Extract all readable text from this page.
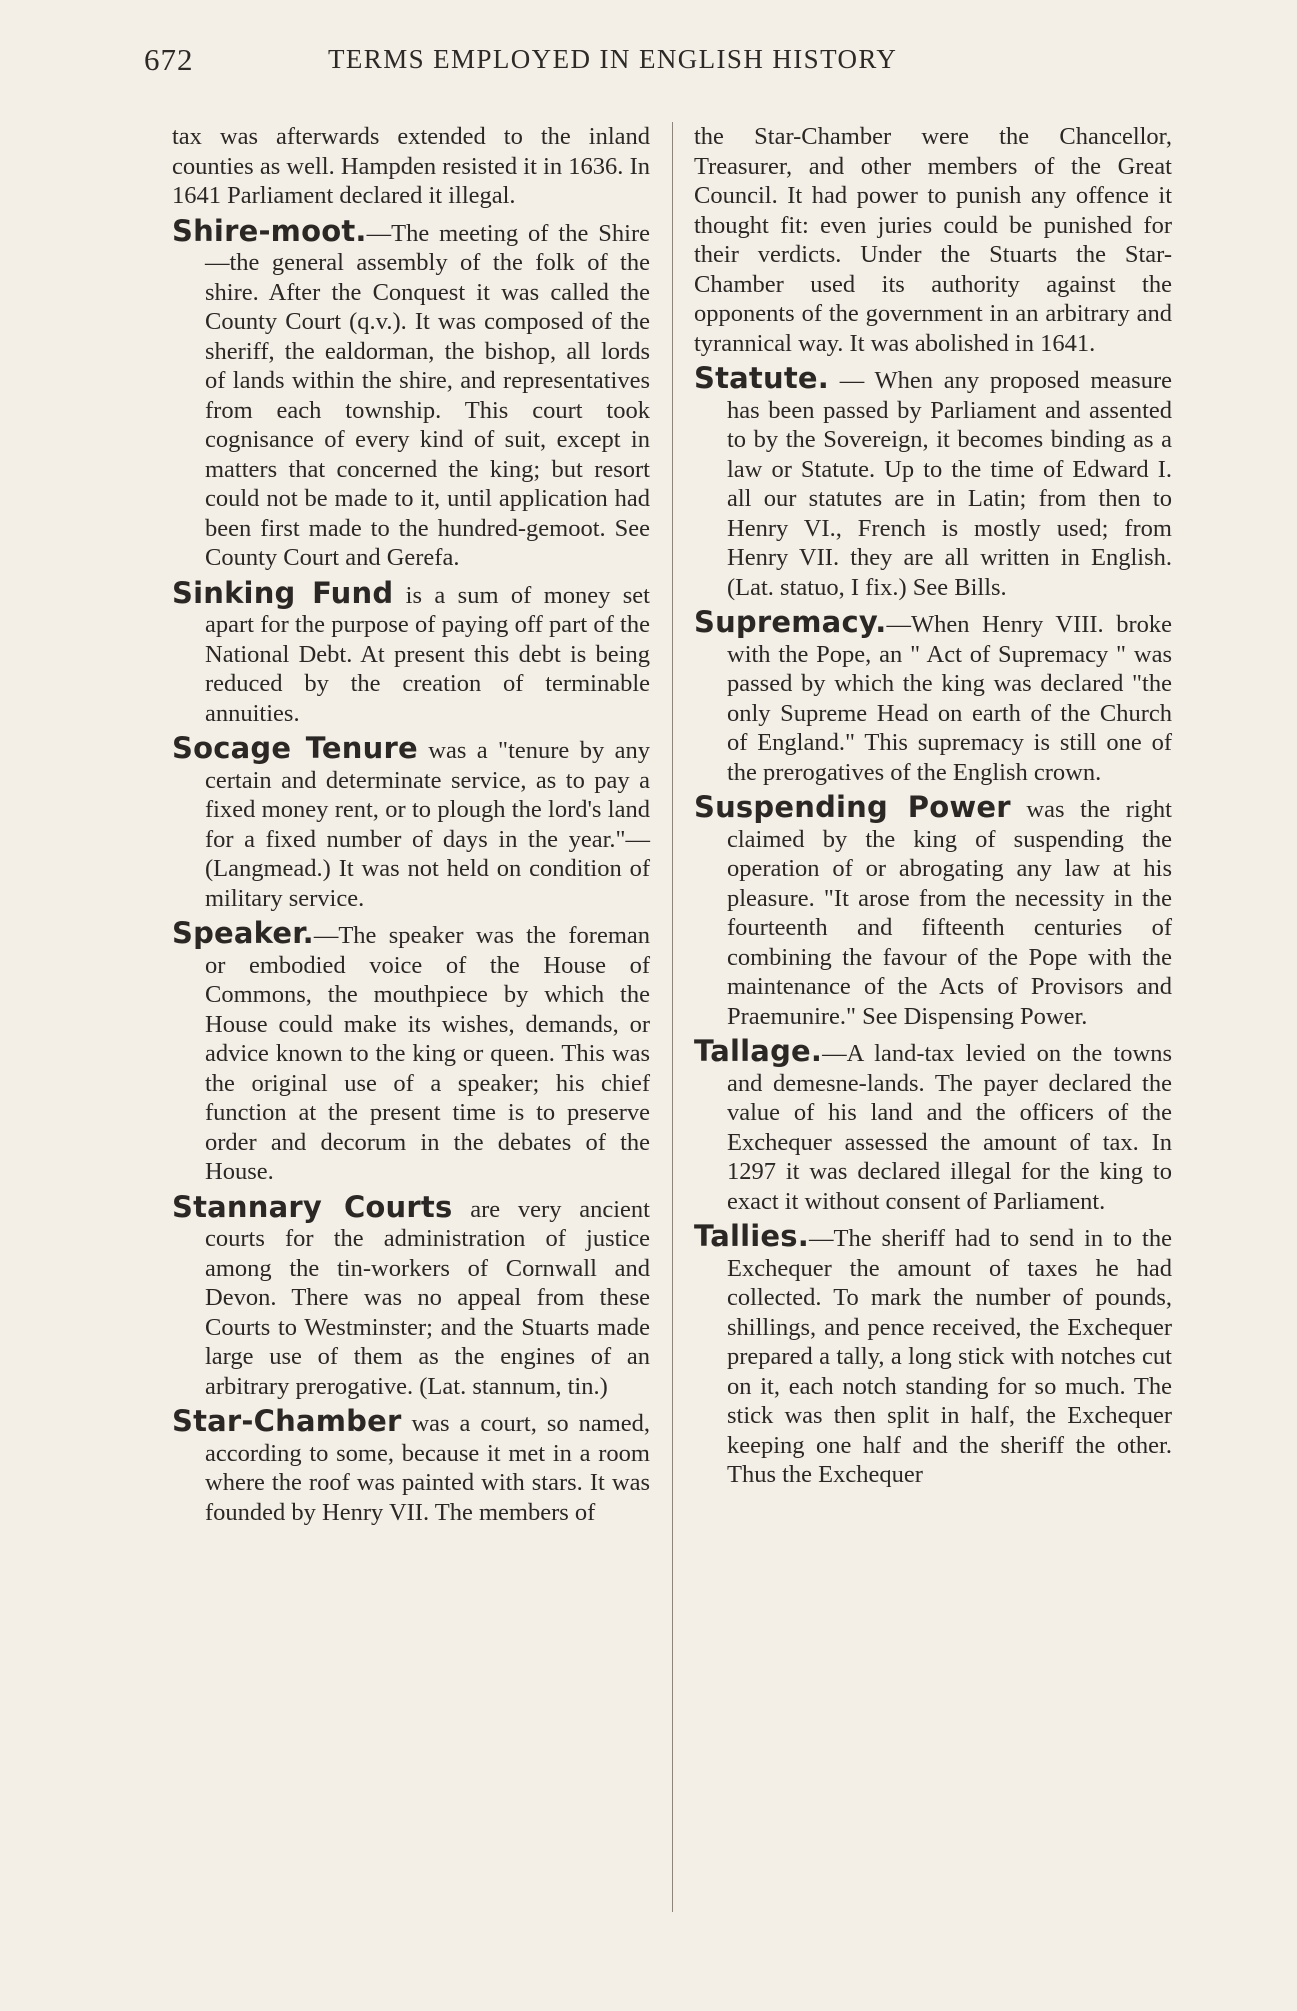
672	TERMS EMPLOYED IN ENGLISH HISTORY

tax was afterwards extended to the inland counties as well. Hampden resisted it in 1636. In 1641 Parliament declared it illegal.

Shire-moot.—The meeting of the Shire—the general assembly of the folk of the shire. After the Conquest it was called the County Court (q.v.). It was composed of the sheriff, the ealdorman, the bishop, all lords of lands within the shire, and representatives from each township. This court took cognisance of every kind of suit, except in matters that concerned the king; but resort could not be made to it, until application had been first made to the hundred-gemoot. See County Court and Gerefa.

Sinking Fund is a sum of money set apart for the purpose of paying off part of the National Debt. At present this debt is being reduced by the creation of terminable annuities.

Socage Tenure was a "tenure by any certain and determinate service, as to pay a fixed money rent, or to plough the lord's land for a fixed number of days in the year."—(Langmead.) It was not held on condition of military service.

Speaker.—The speaker was the foreman or embodied voice of the House of Commons, the mouthpiece by which the House could make its wishes, demands, or advice known to the king or queen. This was the original use of a speaker; his chief function at the present time is to preserve order and decorum in the debates of the House.

Stannary Courts are very ancient courts for the administration of justice among the tin-workers of Cornwall and Devon. There was no appeal from these Courts to Westminster; and the Stuarts made large use of them as the engines of an arbitrary prerogative. (Lat. stannum, tin.)

Star-Chamber was a court, so named, according to some, because it met in a room where the roof was painted with stars. It was founded by Henry VII. The members of

the Star-Chamber were the Chancellor, Treasurer, and other members of the Great Council. It had power to punish any offence it thought fit: even juries could be punished for their verdicts. Under the Stuarts the Star-Chamber used its authority against the opponents of the government in an arbitrary and tyrannical way. It was abolished in 1641.

Statute. — When any proposed measure has been passed by Parliament and assented to by the Sovereign, it becomes binding as a law or Statute. Up to the time of Edward I. all our statutes are in Latin; from then to Henry VI., French is mostly used; from Henry VII. they are all written in English. (Lat. statuo, I fix.) See Bills.

Supremacy.—When Henry VIII. broke with the Pope, an " Act of Supremacy " was passed by which the king was declared "the only Supreme Head on earth of the Church of England." This supremacy is still one of the prerogatives of the English crown.

Suspending Power was the right claimed by the king of suspending the operation of or abrogating any law at his pleasure. "It arose from the necessity in the fourteenth and fifteenth centuries of combining the favour of the Pope with the maintenance of the Acts of Provisors and Praemunire." See Dispensing Power.

Tallage.—A land-tax levied on the towns and demesne-lands. The payer declared the value of his land and the officers of the Exchequer assessed the amount of tax. In 1297 it was declared illegal for the king to exact it without consent of Parliament.

Tallies.—The sheriff had to send in to the Exchequer the amount of taxes he had collected. To mark the number of pounds, shillings, and pence received, the Exchequer prepared a tally, a long stick with notches cut on it, each notch standing for so much. The stick was then split in half, the Exchequer keeping one half and the sheriff the other. Thus the Exchequer
